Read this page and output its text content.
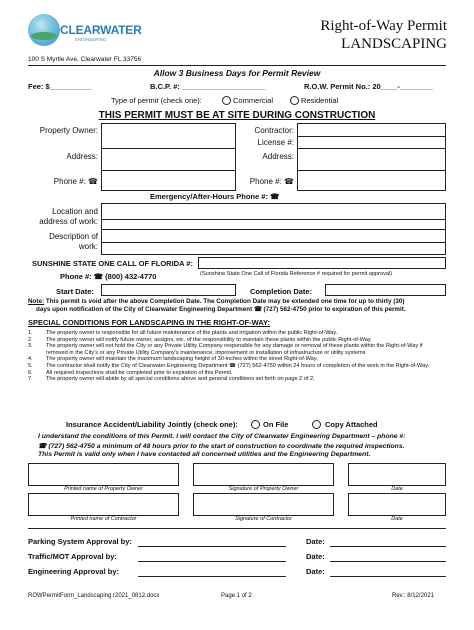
CLEARWATER
ENGINEERING
Right-of-Way Permit
LANDSCAPING
100 S Myrtle Ave, Clearwater FL 33756
Allow 3 Business Days for Permit Review
Fee: $__________	B.C.P. #: ____________________	R.O.W. Permit No.: 20____-________
Type of permit (check one):	Commercial	Residential
THIS PERMIT MUST BE AT SITE DURING CONSTRUCTION
Property Owner:
Address:
Phone #: ☎
Contractor:
License #:
Address:
Phone #: ☎
Emergency/After-Hours Phone #: ☎
Location and
address of work:
Description of
work:
SUNSHINE STATE ONE CALL OF FLORIDA #:
Phone #: ☎ (800) 432-4770	(Sunshine State One Call of Florida Reference # required for permit approval)
Start Date:	Completion Date:
Note: This permit is void after the above Completion Date. The Completion Date may be extended one time for up to thirty (30)
days upon notification of the City of Clearwater Engineering Department ☎ (727) 562-4750 prior to expiration of this permit.
SPECIAL CONDITIONS FOR LANDSCAPING IN THE RIGHT-OF-WAY:
1. The property owner is responsible for all future maintenance of the plants and irrigation within the public Right-of-Way.
2. The property owner will notify future owner, assigns, etc. of the responsibility to maintain these plants within the public Right-of-Way.
3. The property owner will not hold the City or any Private Utility Company responsible for any damage or removal of these plants within the Right-of-Way if removed in the City's or any Private Utility Company's maintenance, improvement or installation of infrastructure or utility systems
4. The property owner will maintain the maximum landscaping height of 30-inches within the street Right-of-Way.
5. The contractor shall notify the City of Clearwater Engineering Department ☎ (727) 562-4750 within 24 hours of completion of the work in the Right-of-Way.
6. All required inspections shall be completed prior to expiration of this Permit.
7. The property owner will abide by all special conditions above and general conditions set forth on page 2 of 2.
Insurance Accident/Liability Jointly (check one):	On File	Copy Attached
I understand the conditions of this Permit. I will contact the City of Clearwater Engineering Department – phone #:
☎ (727) 562-4750 a minimum of 48 hours prior to the start of construction to coordinate the required inspections.
This Permit is valid only when I have contacted all concerned utilities and the Engineering Department.
Printed name of Property Owner	Signature of Property Owner	Date
Printed name of Contractor	Signature of Contractor	Date
Parking System Approval by:	Date:
Traffic/MOT Approval by:	Date:
Engineering Approval by:	Date:
ROWPermitForm_Landscaping r2021_0812.docx	Page 1 of 2	Rev.: 8/12/2021
